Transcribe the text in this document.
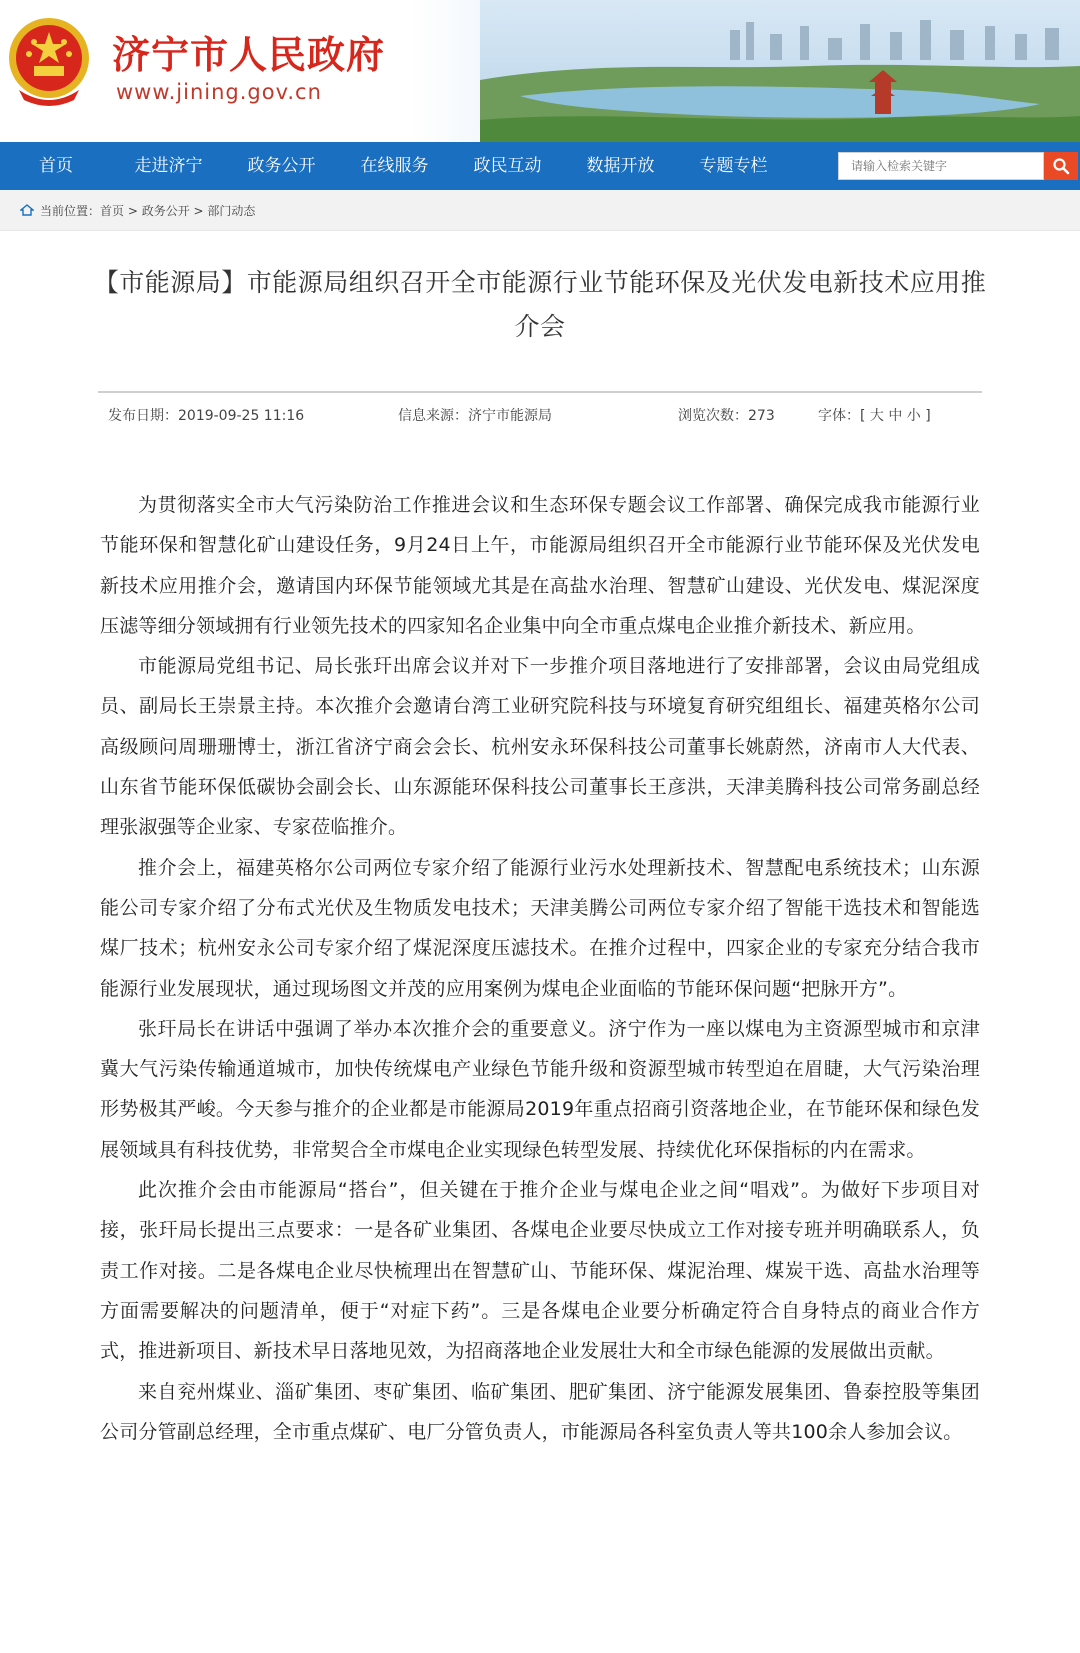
济宁市人民政府
www.jining.gov.cn
首页	走进济宁	政务公开	在线服务	政民互动	数据开放	专题专栏	请输入检索关键字
当前位置： 首页 > 政务公开 > 部门动态
【市能源局】市能源局组织召开全市能源行业节能环保及光伏发电新技术应用推介会
发布日期：2019-09-25 11:16	信息来源：济宁市能源局	浏览次数：273	字体：[ 大 中 小 ]

为贯彻落实全市大气污染防治工作推进会议和生态环保专题会议工作部署、确保完成我市能源行业节能环保和智慧化矿山建设任务，9月24日上午，市能源局组织召开全市能源行业节能环保及光伏发电新技术应用推介会，邀请国内环保节能领域尤其是在高盐水治理、智慧矿山建设、光伏发电、煤泥深度压滤等细分领域拥有行业领先技术的四家知名企业集中向全市重点煤电企业推介新技术、新应用。

市能源局党组书记、局长张玕出席会议并对下一步推介项目落地进行了安排部署，会议由局党组成员、副局长王崇景主持。本次推介会邀请台湾工业研究院科技与环境复育研究组组长、福建英格尔公司高级顾问周珊珊博士，浙江省济宁商会会长、杭州安永环保科技公司董事长姚蔚然，济南市人大代表、山东省节能环保低碳协会副会长、山东源能环保科技公司董事长王彦洪，天津美腾科技公司常务副总经理张淑强等企业家、专家莅临推介。

推介会上，福建英格尔公司两位专家介绍了能源行业污水处理新技术、智慧配电系统技术；山东源能公司专家介绍了分布式光伏及生物质发电技术；天津美腾公司两位专家介绍了智能干选技术和智能选煤厂技术；杭州安永公司专家介绍了煤泥深度压滤技术。在推介过程中，四家企业的专家充分结合我市能源行业发展现状，通过现场图文并茂的应用案例为煤电企业面临的节能环保问题“把脉开方”。

张玕局长在讲话中强调了举办本次推介会的重要意义。济宁作为一座以煤电为主资源型城市和京津冀大气污染传输通道城市，加快传统煤电产业绿色节能升级和资源型城市转型迫在眉睫，大气污染治理形势极其严峻。今天参与推介的企业都是市能源局2019年重点招商引资落地企业，在节能环保和绿色发展领域具有科技优势，非常契合全市煤电企业实现绿色转型发展、持续优化环保指标的内在需求。

此次推介会由市能源局“搭台”，但关键在于推介企业与煤电企业之间“唱戏”。为做好下步项目对接，张玕局长提出三点要求：一是各矿业集团、各煤电企业要尽快成立工作对接专班并明确联系人，负责工作对接。二是各煤电企业尽快梳理出在智慧矿山、节能环保、煤泥治理、煤炭干选、高盐水治理等方面需要解决的问题清单，便于“对症下药”。三是各煤电企业要分析确定符合自身特点的商业合作方式，推进新项目、新技术早日落地见效，为招商落地企业发展壮大和全市绿色能源的发展做出贡献。

来自兖州煤业、淄矿集团、枣矿集团、临矿集团、肥矿集团、济宁能源发展集团、鲁泰控股等集团公司分管副总经理，全市重点煤矿、电厂分管负责人，市能源局各科室负责人等共100余人参加会议。
